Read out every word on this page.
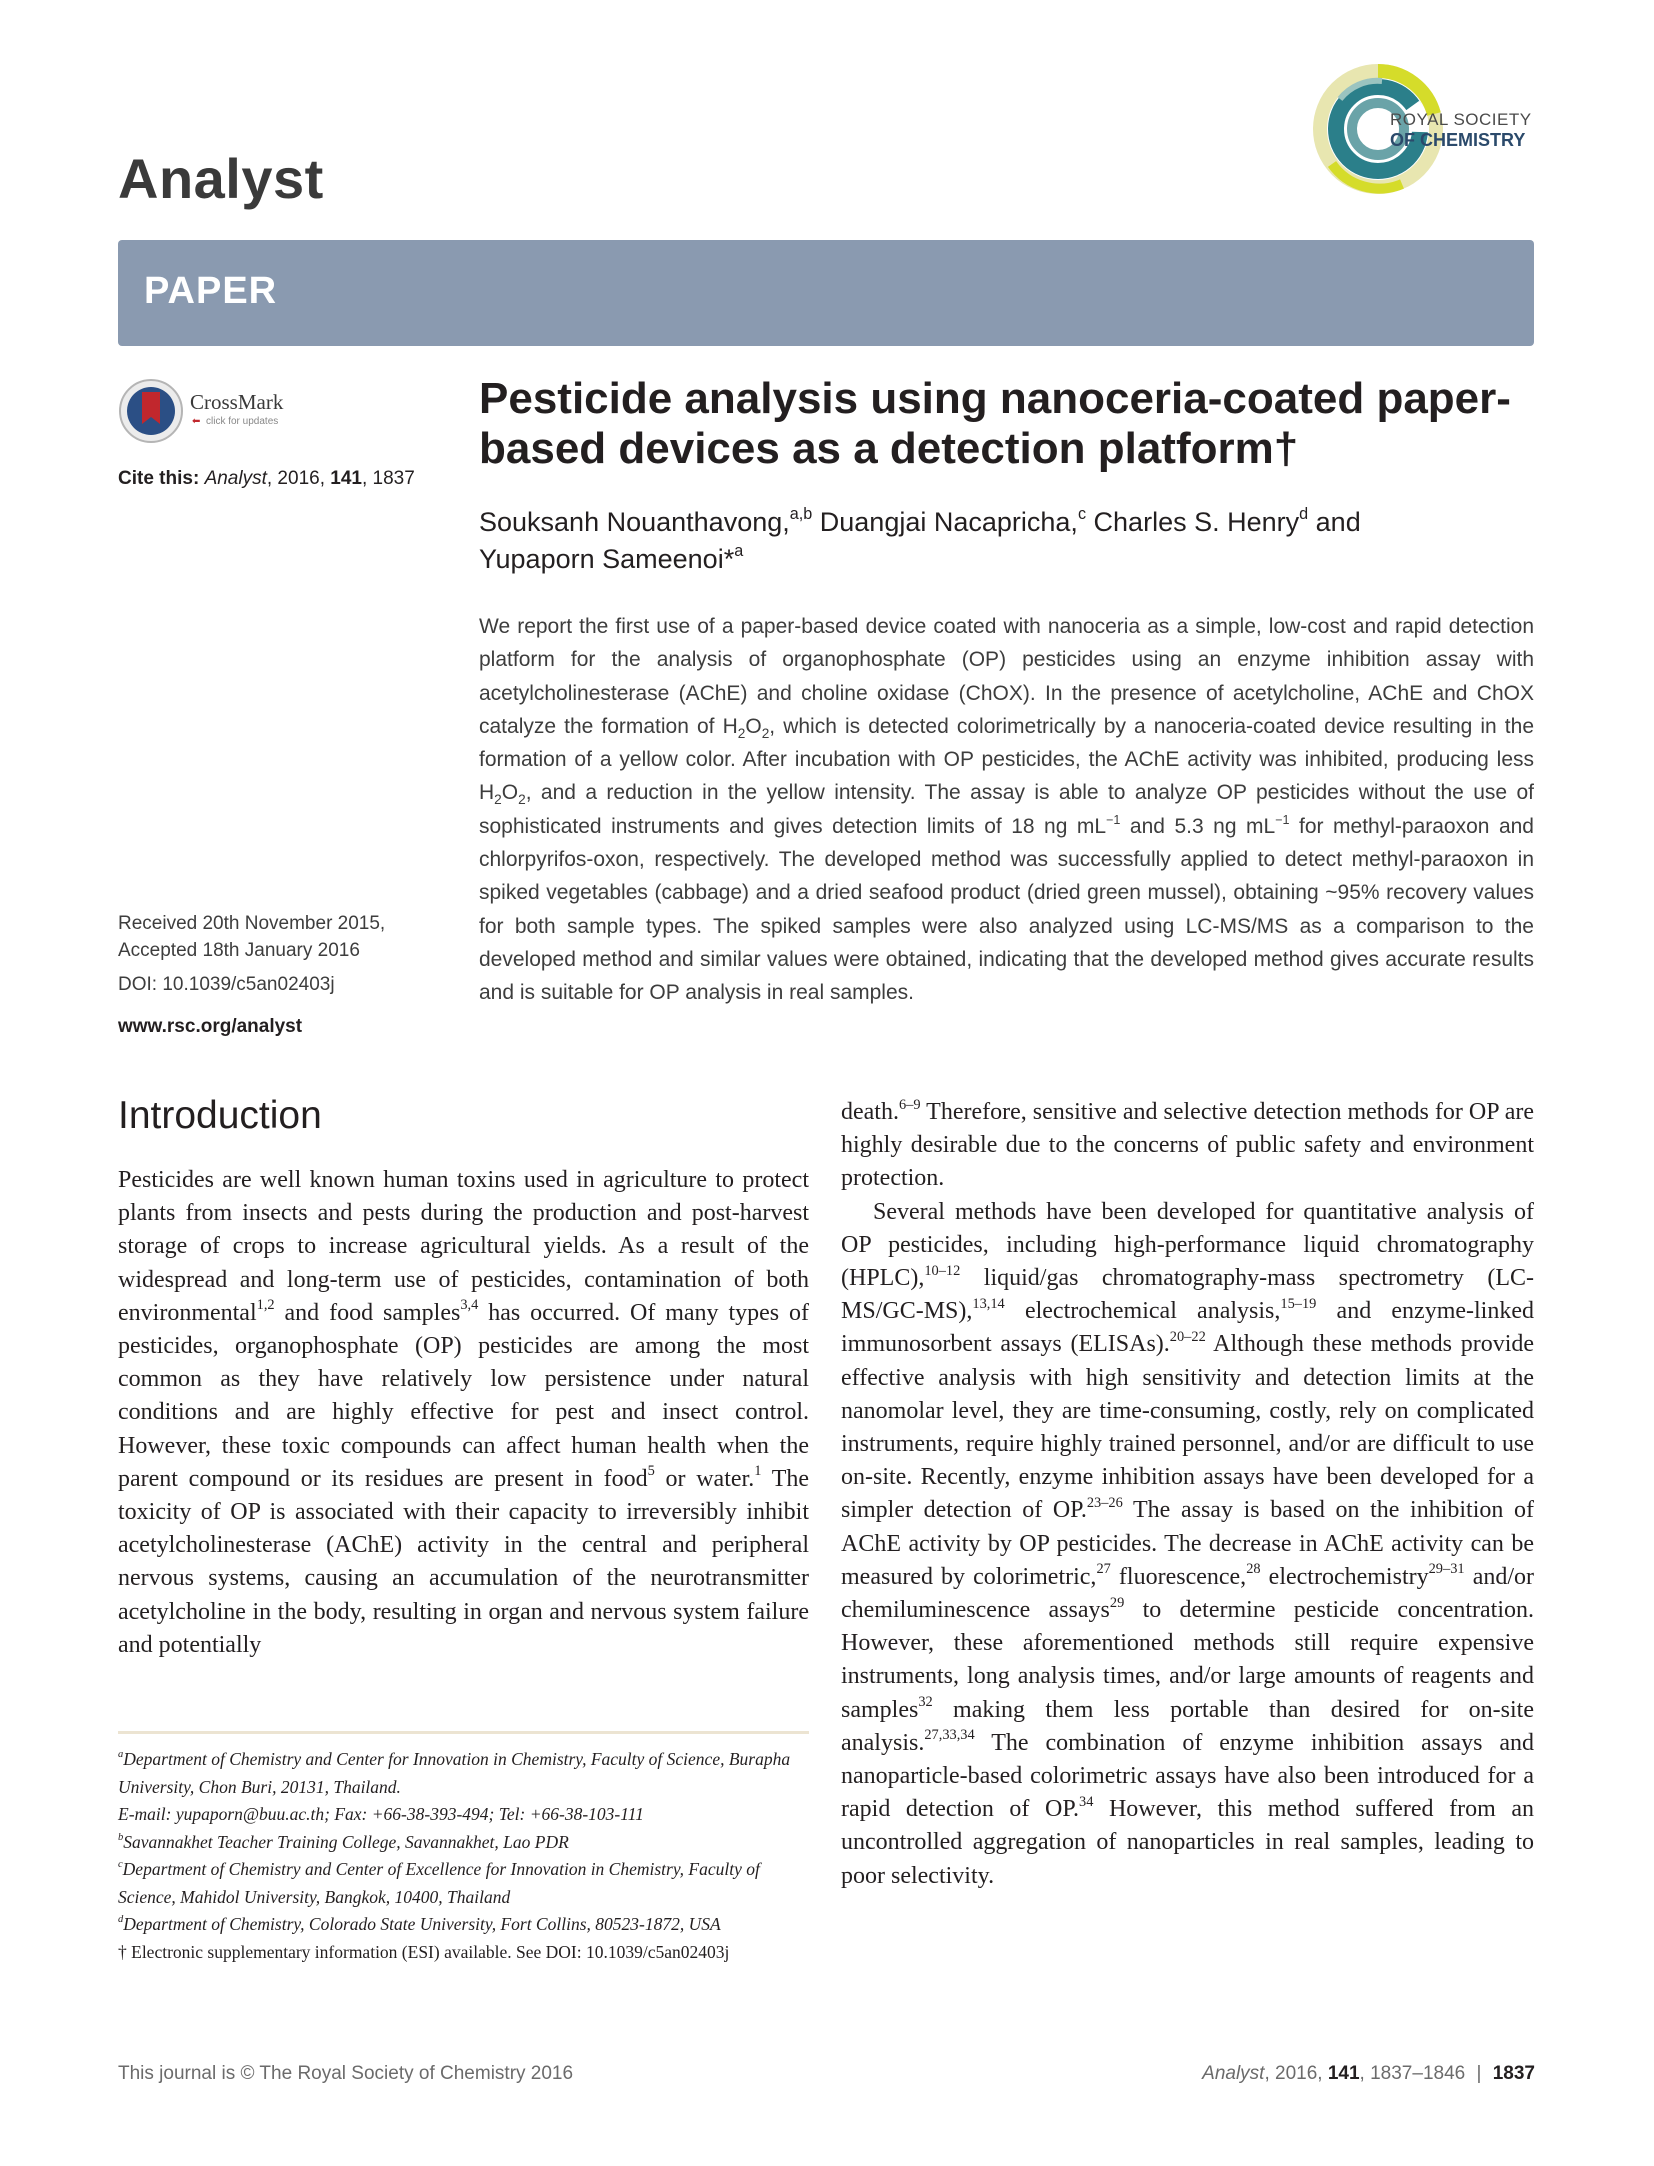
Analyst
ROYAL SOCIETY
OF CHEMISTRY
PAPER
CrossMark
⬅ click for updates
Cite this: Analyst, 2016, 141, 1837
Received 20th November 2015,
Accepted 18th January 2016
DOI: 10.1039/c5an02403j
www.rsc.org/analyst
Pesticide analysis using nanoceria-coated paper-based devices as a detection platform†
Souksanh Nouanthavong,$^{a,b}$ Duangjai Nacapricha,$^c$ Charles S. Henry$^d$ and
Yupaporn Sameenoi*$^a$
We report the first use of a paper-based device coated with nanoceria as a simple, low-cost and rapid detection platform for the analysis of organophosphate (OP) pesticides using an enzyme inhibition assay with acetylcholinesterase (AChE) and choline oxidase (ChOX). In the presence of acetylcholine, AChE and ChOX catalyze the formation of $H_2O_2$, which is detected colorimetrically by a nanoceria-coated device resulting in the formation of a yellow color. After incubation with OP pesticides, the AChE activity was inhibited, producing less $H_2O_2$, and a reduction in the yellow intensity. The assay is able to analyze OP pesticides without the use of sophisticated instruments and gives detection limits of 18 ng $mL^{-1}$ and 5.3 ng $mL^{-1}$ for methyl-paraoxon and chlorpyrifos-oxon, respectively. The developed method was successfully applied to detect methyl-paraoxon in spiked vegetables (cabbage) and a dried seafood product (dried green mussel), obtaining ~95% recovery values for both sample types. The spiked samples were also analyzed using LC-MS/MS as a comparison to the developed method and similar values were obtained, indicating that the developed method gives accurate results and is suitable for OP analysis in real samples.
Introduction

Pesticides are well known human toxins used in agriculture to protect plants from insects and pests during the production and post-harvest storage of crops to increase agricultural yields. As a result of the widespread and long-term use of pesticides, contamination of both environmental$^{1,2}$ and food samples$^{3,4}$ has occurred. Of many types of pesticides, organophosphate (OP) pesticides are among the most common as they have relatively low persistence under natural conditions and are highly effective for pest and insect control. However, these toxic compounds can affect human health when the parent compound or its residues are present in food$^5$ or water.$^1$ The toxicity of OP is associated with their capacity to irreversibly inhibit acetylcholinesterase (AChE) activity in the central and peripheral nervous systems, causing an accumulation of the neurotransmitter acetylcholine in the body, resulting in organ and nervous system failure and potentially

$^a$Department of Chemistry and Center for Innovation in Chemistry, Faculty of Science, Burapha University, Chon Buri, 20131, Thailand.
E-mail: yupaporn@buu.ac.th; Fax: +66-38-393-494; Tel: +66-38-103-111
$^b$Savannakhet Teacher Training College, Savannakhet, Lao PDR
$^c$Department of Chemistry and Center of Excellence for Innovation in Chemistry, Faculty of Science, Mahidol University, Bangkok, 10400, Thailand
$^d$Department of Chemistry, Colorado State University, Fort Collins, 80523-1872, USA
† Electronic supplementary information (ESI) available. See DOI: 10.1039/c5an02403j

death.$^{6-9}$ Therefore, sensitive and selective detection methods for OP are highly desirable due to the concerns of public safety and environment protection.

Several methods have been developed for quantitative analysis of OP pesticides, including high-performance liquid chromatography (HPLC),$^{10-12}$ liquid/gas chromatography-mass spectrometry (LC-MS/GC-MS),$^{13,14}$ electrochemical analysis,$^{15-19}$ and enzyme-linked immunosorbent assays (ELISAs).$^{20-22}$ Although these methods provide effective analysis with high sensitivity and detection limits at the nanomolar level, they are time-consuming, costly, rely on complicated instruments, require highly trained personnel, and/or are difficult to use on-site. Recently, enzyme inhibition assays have been developed for a simpler detection of OP.$^{23-26}$ The assay is based on the inhibition of AChE activity by OP pesticides. The decrease in AChE activity can be measured by colorimetric,$^{27}$ fluorescence,$^{28}$ electrochemistry$^{29-31}$ and/or chemiluminescence assays$^{29}$ to determine pesticide concentration. However, these aforementioned methods still require expensive instruments, long analysis times, and/or large amounts of reagents and samples$^{32}$ making them less portable than desired for on-site analysis.$^{27,33,34}$ The combination of enzyme inhibition assays and nanoparticle-based colorimetric assays have also been introduced for a rapid detection of OP.$^{34}$ However, this method suffered from an uncontrolled aggregation of nanoparticles in real samples, leading to poor selectivity.

This journal is © The Royal Society of Chemistry 2016	Analyst, 2016, 141, 1837–1846 | 1837
